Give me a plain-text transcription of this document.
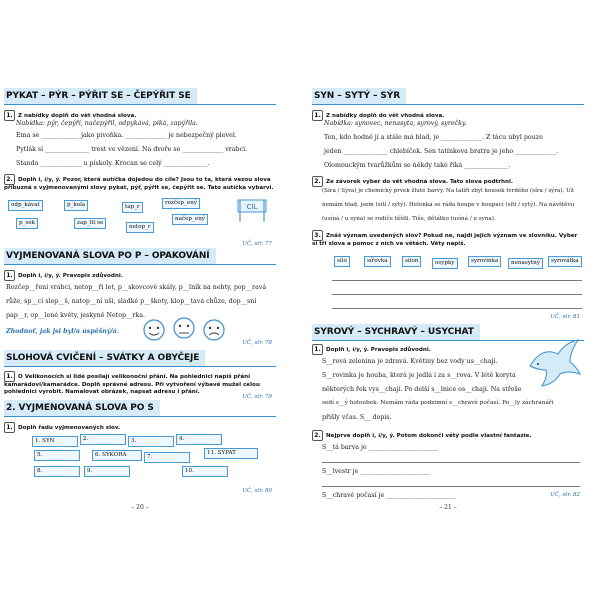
PYKAT – PÝR – PÝŘIT SE – ČEPÝŘIT SE
1. Z nabídky doplň do vět vhodná slova.
Nabídka: pýr, čepýří, načepýřil, odpykává, piká, zapýřila.
Ema se ____________ jako pivoňka. _____________ je nebezpečný plevel.
Pytlák si ______________ trest ve vězení. Na dvoře se _____________ vrabci.
Standa _____________ u pískoly. Krocan se celý ______________.
2. Doplň i, í/y, ý. Pozor, která autíčka dojedou do cíle? Jsou to ta, která vezou slova příbuzná s vyjmenovanými slovy pykat, pýř, pýřit se, čepýřit se. Tato autíčka vybarvi.
odp_kávat	p_kola	tap_r
rozčep_ený
p_sek	zap_lit se
načep_ený
netop_r
CÍL
UČ, str. 77
VYJMENOVANÁ SLOVA PO P – OPAKOVÁNÍ
1. Doplň i, í/y, ý. Pravopis zdůvodni.
Rozčep__ření vrabci, netop__ři let, p__skovcové skály, p__lník na nehty, pop__ravá
růže, sp__cí slep__š, natop__ní uši, sladké p__škoty, klop__tavá chůze, dop__sní
pap__r, op__lené květy, jeskyně Netop__rka.
Zhodnoť, jak jsi byl/a úspěšný/á.
UČ, str. 78
SLOHOVÁ CVIČENÍ – SVÁTKY A OBYČEJE
1. O Velikonocích si lidé posílají velikonoční přání. Na pohlednici napiš přání kamarádovi/kamarádce. Doplň správné adresu. Při vytvoření výbavě mužel celou pohlednici vyrobit. Namalovat obrázek, napsat adresu i přání.
UČ, str. 79
2. VYJMENOVANÁ SLOVA PO S
1. Doplň řadu vyjmenovaných slov.
1. SYN	2.	3.	4.
5.	6. SÝKORA	7.
8.	9.	10.
11. SYPAT
UČ, str. 80
– 20 –
SYN – SYTÝ – SÝR
1. Z nabídky doplň do vět vhodná slova.
Nabídka: synovec, nenasyta, syrový, syrečky.
Ten, kdo hodně jí a stále má hlad, je _____________. Z tácu ubyl pouze
jeden ______________ chlebíček. Sen tatínkova bratra je jeho _____________.
Olomouckým tvarůžkům se někdy také říká ______________.
2. Ze závorek vyber do vět vhodná slova. Tato slova podtrhni.
(Síra / Sýra) je chemický prvek žluté barvy. Na talíři zbyl kousek tvrdého (síra / sýra). Už
nemám hlad, jsem (sití / sytý). Helenka se ráda houpe v houpací (síti / sytý). Na návštěvu
(usíná / u syna) se rodiče těšili. Tiše, dětátko (usíná / u syna).
3. Znáš význam uvedených slov? Pokud ne, najdi jejich význam ve slovníku. Vyber si tři slova a pomoc z nich ve větách. Věty napiš.
silo	sířovka	silon	osypky	syrovinka	nenasytný	syrovátka
UČ, str. 81
SYROVÝ – SYCHRAVÝ – USYCHAT
1. Doplň i, í/y, ý. Pravopis zdůvodni.
S__rová zelenina je zdravá. Květiny bez vody us__chají.
S__rovinka je houba, která je jedlá i za s__rova. V létě koryta
některých řek vys__chají. Po delší s__lnice os__chají. Na střeše
sedí s__ý holoubek. Nemám ráda podzimní s__chravé počasí. Po__ly záchranáři
přišly včas. S__ dopis.
2. Nejprve doplň i, í/y, ý. Potom dokonči věty podle vlastní fantazie.
S__tá barva je ______________________
S__lvestr je ______________________
S__chravé počasí je ______________________	UČ, str. 82
– 21 –
